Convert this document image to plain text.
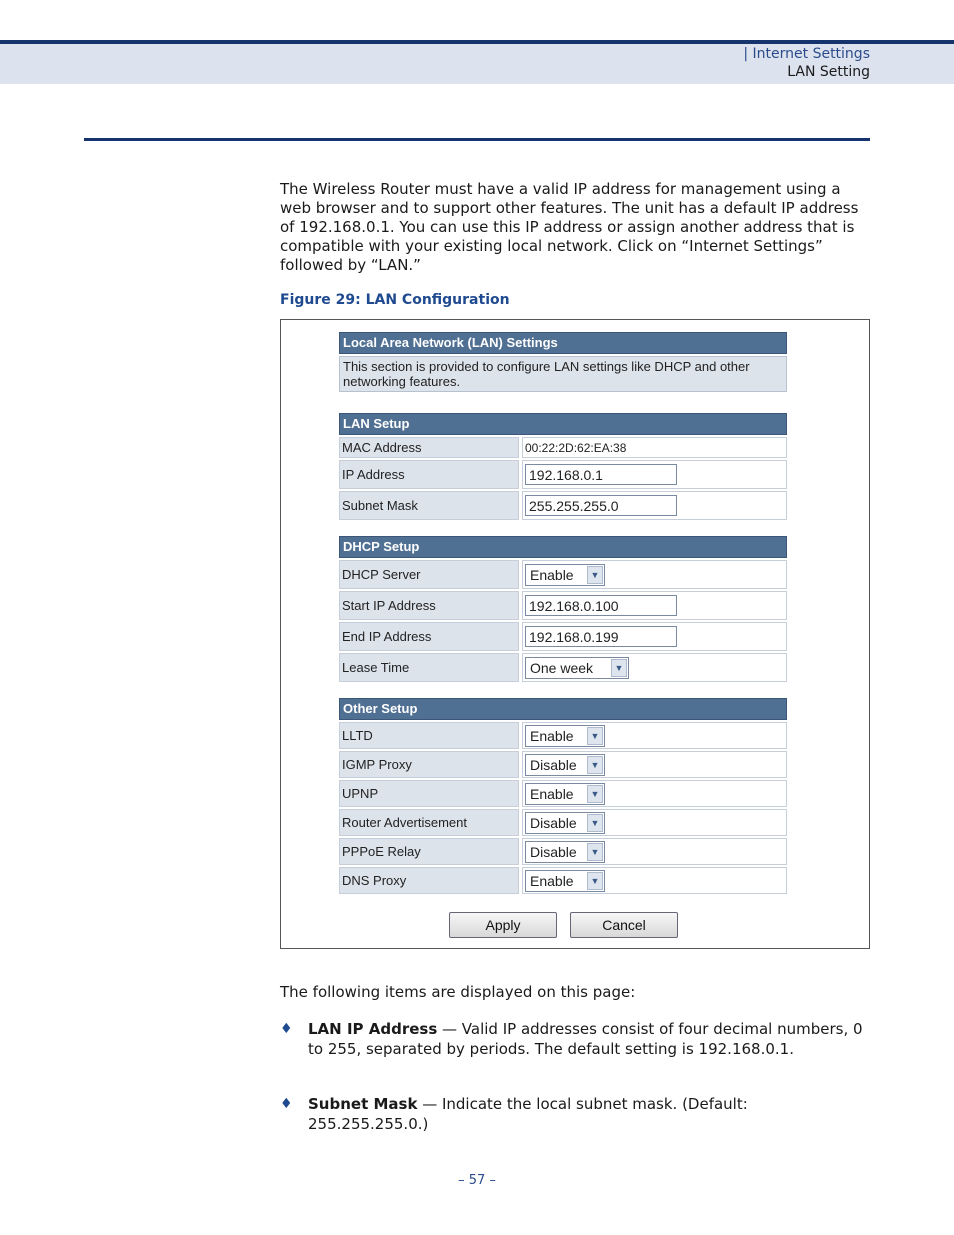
| Internet Settings
LAN Setting

The Wireless Router must have a valid IP address for management using a web browser and to support other features. The unit has a default IP address of 192.168.0.1. You can use this IP address or assign another address that is compatible with your existing local network. Click on “Internet Settings” followed by “LAN.”

Figure 29: LAN Configuration
Local Area Network (LAN) Settings
This section is provided to configure LAN settings like DHCP and other networking features.
LAN Setup
MAC Address	00:22:2D:62:EA:38
IP Address	192.168.0.1
Subnet Mask	255.255.255.0
DHCP Setup
DHCP Server	Enable	▼
Start IP Address	192.168.0.100
End IP Address	192.168.0.199
Lease Time	One week	▼
Other Setup
LLTD	Enable	▼
IGMP Proxy	Disable	▼
UPNP	Enable	▼
Router Advertisement	Disable	▼
PPPoE Relay	Disable	▼
DNS Proxy	Enable	▼
Apply	Cancel

The following items are displayed on this page:

♦ LAN IP Address — Valid IP addresses consist of four decimal numbers, 0 to 255, separated by periods. The default setting is 192.168.0.1.
♦ Subnet Mask — Indicate the local subnet mask. (Default: 255.255.255.0.)
– 57 –
